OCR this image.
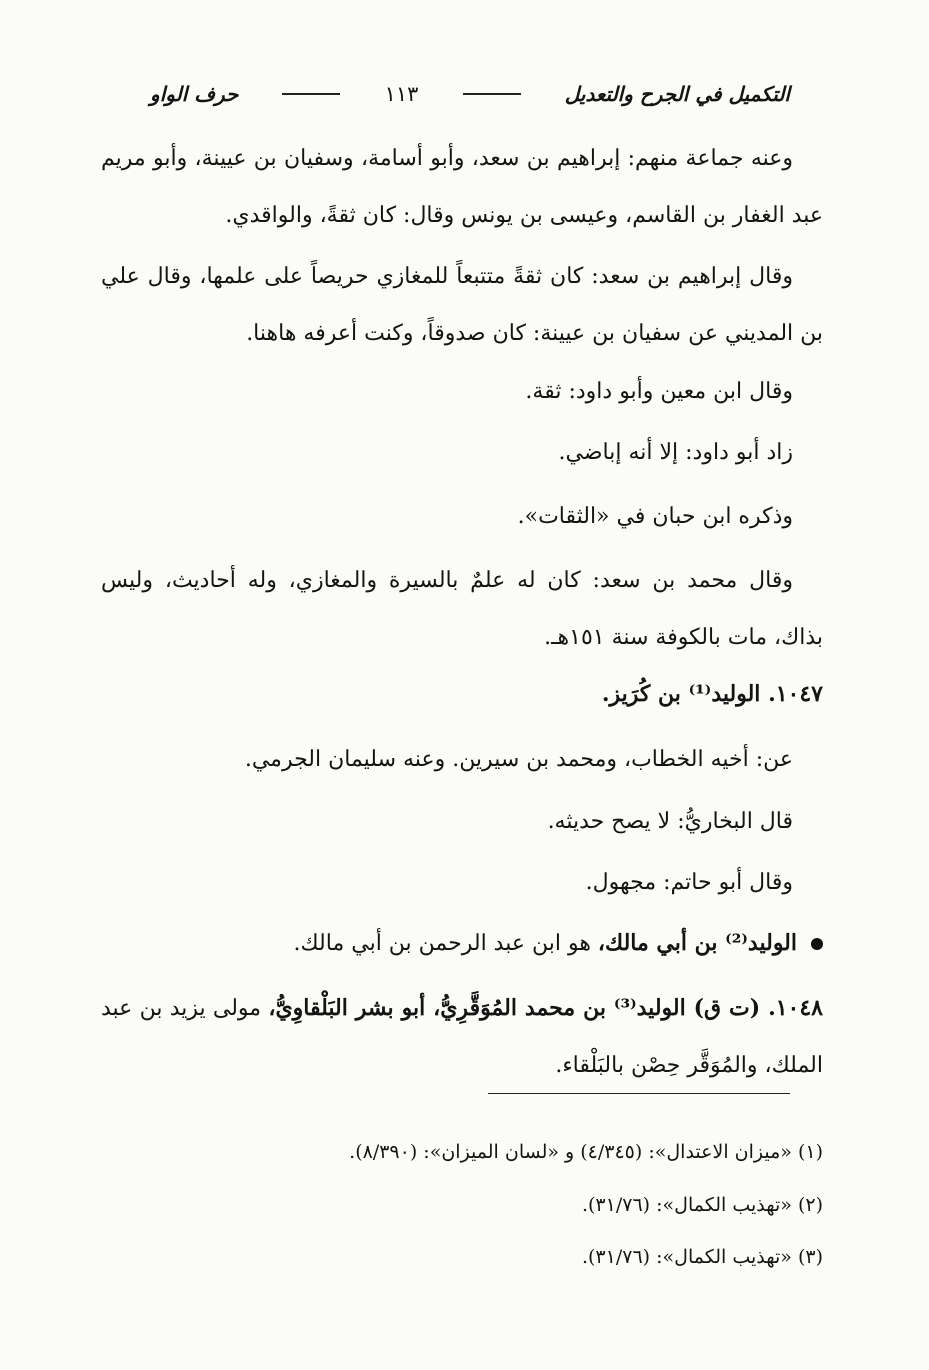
التكميل في الجرح والتعديل
١١٣
حرف الواو

وعنه جماعة منهم: إبراهيم بن سعد، وأبو أسامة، وسفيان بن عيينة، وأبو مريم عبد الغفار بن القاسم، وعيسى بن يونس وقال: كان ثقةً، والواقدي.

وقال إبراهيم بن سعد: كان ثقةً متتبعاً للمغازي حريصاً على علمها، وقال علي بن المديني عن سفيان بن عيينة: كان صدوقاً، وكنت أعرفه هاهنا.

وقال ابن معين وأبو داود: ثقة.

زاد أبو داود: إلا أنه إباضي.

وذكره ابن حبان في «الثقات».

وقال محمد بن سعد: كان له علمٌ بالسيرة والمغازي، وله أحاديث، وليس بذاك، مات بالكوفة سنة ١٥١هـ.

١٠٤٧. الوليد⁽¹⁾ بن كُرَيز.

عن: أخيه الخطاب، ومحمد بن سيرين. وعنه سليمان الجرمي.

قال البخاريُّ: لا يصح حديثه.

وقال أبو حاتم: مجهول.

الوليد⁽²⁾ بن أبي مالك، هو ابن عبد الرحمن بن أبي مالك.

١٠٤٨. (ت ق) الوليد⁽³⁾ بن محمد المُوَقَّرِيُّ، أبو بشر البَلْقاوِيُّ، مولى يزيد بن عبد الملك، والمُوَقَّر حِصْن بالبَلْقاء.

(١) «ميزان الاعتدال»: (٤/٣٤٥) و «لسان الميزان»: (٨/٣٩٠).
(٢) «تهذيب الكمال»: (٣١/٧٦).
(٣) «تهذيب الكمال»: (٣١/٧٦).
